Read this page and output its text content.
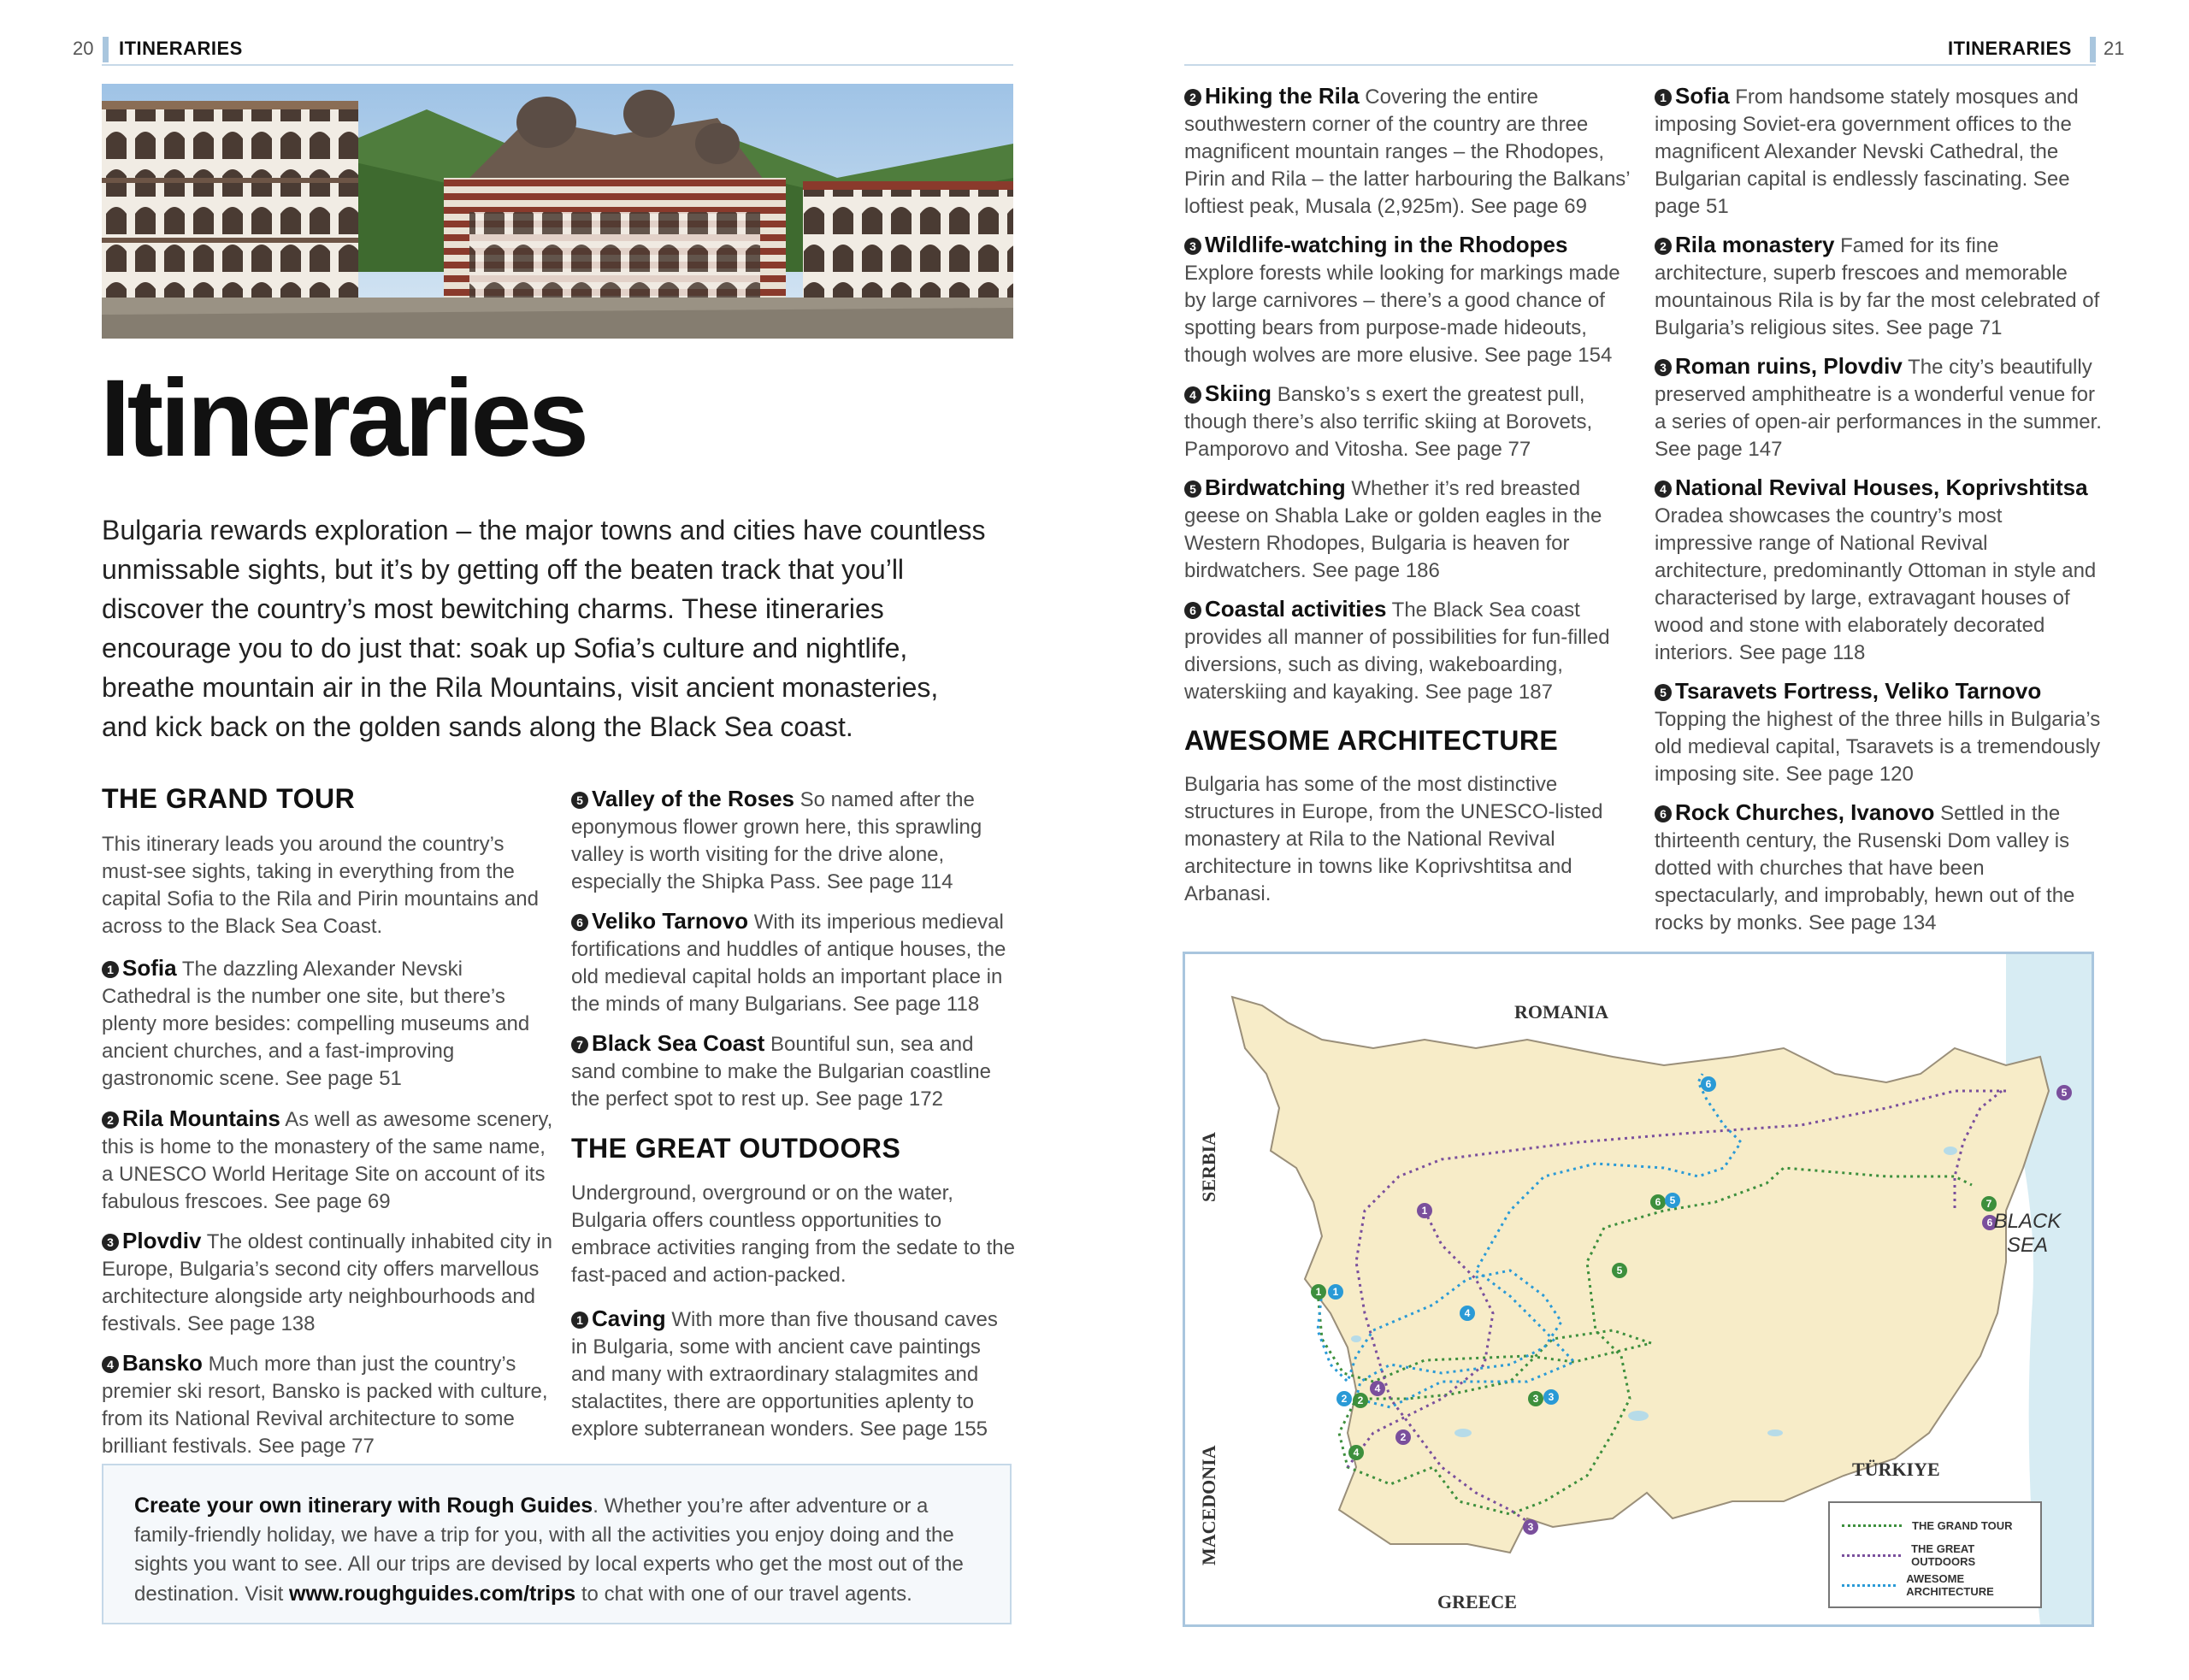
20 ITINERARIES	ITINERARIES 21
Itineraries
Bulgaria rewards exploration – the major towns and cities have countless unmissable sights, but it’s by getting off the beaten track that you’ll discover the country’s most bewitching charms. These itineraries encourage you to do just that: soak up Sofia’s culture and nightlife, breathe mountain air in the Rila Mountains, visit ancient monasteries, and kick back on the golden sands along the Black Sea coast.
THE GRAND TOUR
This itinerary leads you around the country’s must-see sights, taking in everything from the capital Sofia to the Rila and Pirin mountains and across to the Black Sea Coast.
1 Sofia The dazzling Alexander Nevski Cathedral is the number one site, but there’s plenty more besides: compelling museums and ancient churches, and a fast-improving gastronomic scene. See page 51
2 Rila Mountains As well as awesome scenery, this is home to the monastery of the same name, a UNESCO World Heritage Site on account of its fabulous frescoes. See page 69
3 Plovdiv The oldest continually inhabited city in Europe, Bulgaria’s second city offers marvellous architecture alongside arty neighbourhoods and festivals. See page 138
4 Bansko Much more than just the country’s premier ski resort, Bansko is packed with culture, from its National Revival architecture to some brilliant festivals. See page 77
5 Valley of the Roses So named after the eponymous flower grown here, this sprawling valley is worth visiting for the drive alone, especially the Shipka Pass. See page 114
6 Veliko Tarnovo With its imperious medieval fortifications and huddles of antique houses, the old medieval capital holds an important place in the minds of many Bulgarians. See page 118
7 Black Sea Coast Bountiful sun, sea and sand combine to make the Bulgarian coastline the perfect spot to rest up. See page 172
THE GREAT OUTDOORS
Underground, overground or on the water, Bulgaria offers countless opportunities to embrace activities ranging from the sedate to the fast-paced and action-packed.
1 Caving With more than five thousand caves in Bulgaria, some with ancient cave paintings and many with extraordinary stalagmites and stalactites, there are opportunities aplenty to explore subterranean wonders. See page 155
Create your own itinerary with Rough Guides. Whether you’re after adventure or a family-friendly holiday, we have a trip for you, with all the activities you enjoy doing and the sights you want to see. All our trips are devised by local experts who get the most out of the destination. Visit www.roughguides.com/trips to chat with one of our travel agents.
2 Hiking the Rila Covering the entire southwestern corner of the country are three magnificent mountain ranges – the Rhodopes, Pirin and Rila – the latter harbouring the Balkans’ loftiest peak, Musala (2,925m). See page 69
3 Wildlife-watching in the Rhodopes Explore forests while looking for markings made by large carnivores – there’s a good chance of spotting bears from purpose-made hideouts, though wolves are more elusive. See page 154
4 Skiing Bansko’s s exert the greatest pull, though there’s also terrific skiing at Borovets, Pamporovo and Vitosha. See page 77
5 Birdwatching Whether it’s red breasted geese on Shabla Lake or golden eagles in the Western Rhodopes, Bulgaria is heaven for birdwatchers. See page 186
6 Coastal activities The Black Sea coast provides all manner of possibilities for fun-filled diversions, such as diving, wakeboarding, waterskiing and kayaking. See page 187
AWESOME ARCHITECTURE
Bulgaria has some of the most distinctive structures in Europe, from the UNESCO-listed monastery at Rila to the National Revival architecture in towns like Koprivshtitsa and Arbanasi.
1 Sofia From handsome stately mosques and imposing Soviet-era government offices to the magnificent Alexander Nevski Cathedral, the Bulgarian capital is endlessly fascinating. See page 51
2 Rila monastery Famed for its fine architecture, superb frescoes and memorable mountainous Rila is by far the most celebrated of Bulgaria’s religious sites. See page 71
3 Roman ruins, Plovdiv The city’s beautifully preserved amphitheatre is a wonderful venue for a series of open-air performances in the summer. See page 147
4 National Revival Houses, Koprivshtitsa Oradea showcases the country’s most impressive range of National Revival architecture, predominantly Ottoman in style and characterised by large, extravagant houses of wood and stone with elaborately decorated interiors. See page 118
5 Tsaravets Fortress, Veliko Tarnovo Topping the highest of the three hills in Bulgaria’s old medieval capital, Tsaravets is a tremendously imposing site. See page 120
6 Rock Churches, Ivanovo Settled in the thirteenth century, the Rusenski Dom valley is dotted with churches that have been spectacularly, and improbably, hewn out of the rocks by monks. See page 134
1 1
2 2
4
2
4
1
4
3 3
3
5
6 5
6
7
6
5
ROMANIA
SERBIA
MACEDONIA
GREECE
TÜRKIYE
BLACK
SEA
THE GRAND TOUR
THE GREAT OUTDOORS
AWESOME ARCHITECTURE
